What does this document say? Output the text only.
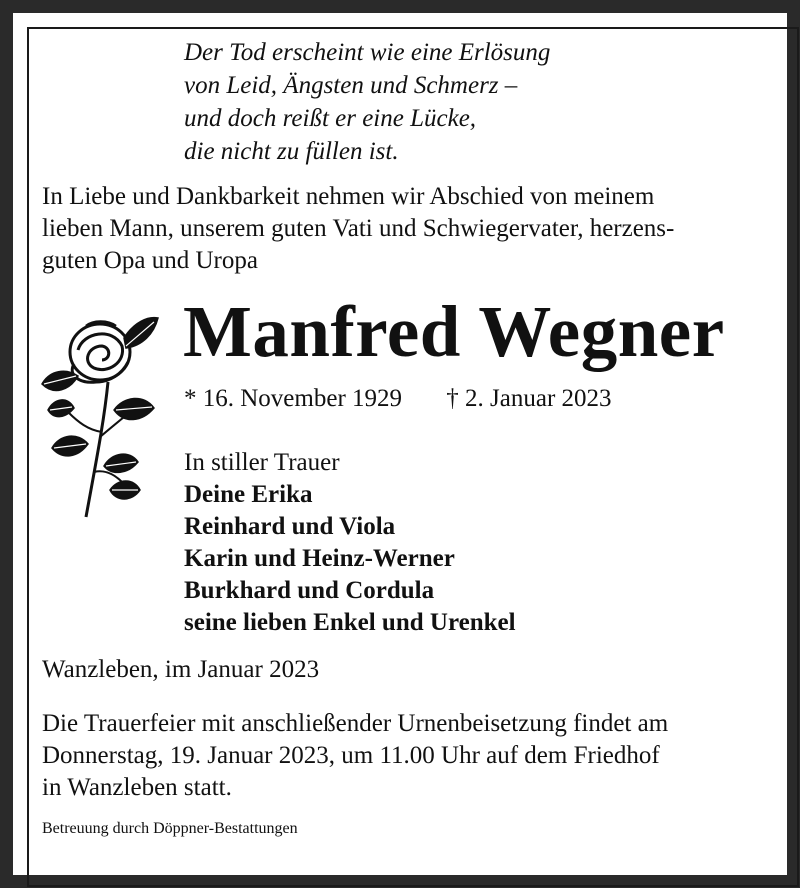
Der Tod erscheint wie eine Erlösung
von Leid, Ängsten und Schmerz –
und doch reißt er eine Lücke,
die nicht zu füllen ist.
In Liebe und Dankbarkeit nehmen wir Abschied von meinem
lieben Mann, unserem guten Vati und Schwiegervater, herzens-
guten Opa und Uropa
Manfred Wegner
* 16. November 1929 † 2. Januar 2023
In stiller Trauer
Deine Erika
Reinhard und Viola
Karin und Heinz-Werner
Burkhard und Cordula
seine lieben Enkel und Urenkel
Wanzleben, im Januar 2023
Die Trauerfeier mit anschließender Urnenbeisetzung findet am
Donnerstag, 19. Januar 2023, um 11.00 Uhr auf dem Friedhof
in Wanzleben statt.
Betreuung durch Döppner-Bestattungen
